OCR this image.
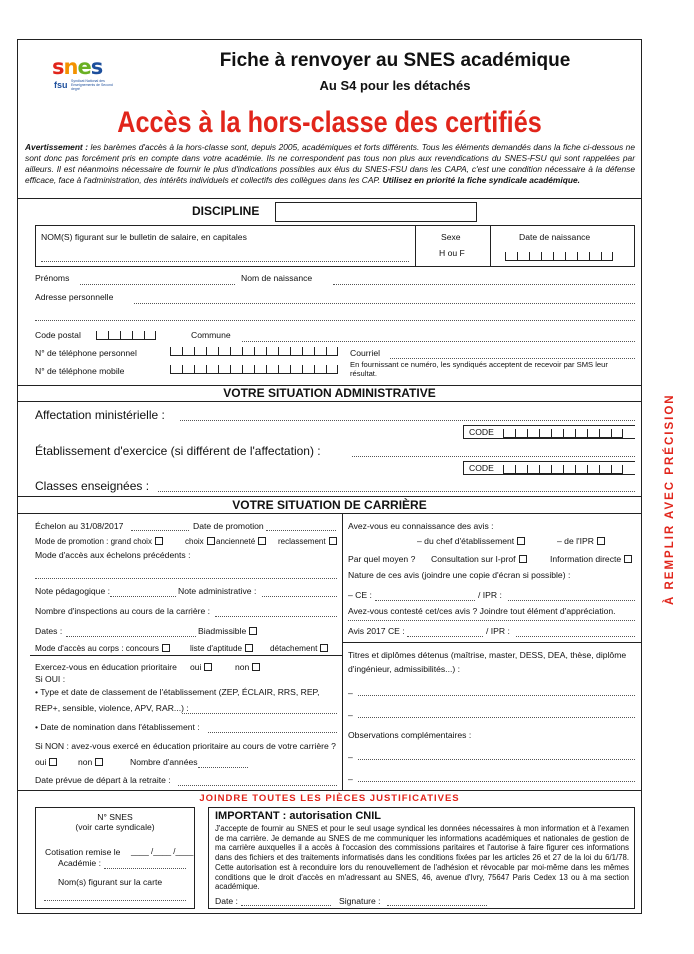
snes
fsu Syndicat National des Enseignements de Second degré
Fiche à renvoyer au SNES académique
Au S4 pour les détachés
Accès à la hors-classe des certifiés
Avertissement : les barèmes d'accès à la hors-classe sont, depuis 2005, académiques et forts différents. Tous les éléments demandés dans la fiche ci-dessous ne sont donc pas forcément pris en compte dans votre académie. Ils ne correspondent pas tous non plus aux revendications du SNES-FSU qui sont rappelées par ailleurs. Il est néanmoins nécessaire de fournir le plus d'indications possibles aux élus du SNES-FSU dans les CAPA, c'est une condition nécessaire à la défense efficace, face à l'administration, des intérêts individuels et collectifs des collègues dans les CAP. Utilisez en priorité la fiche syndicale académique.
À REMPLIR AVEC PRÉCISION
DISCIPLINE
NOM(S) figurant sur le bulletin de salaire, en capitales	Sexe
H ou F
Date de naissance
Prénoms	Nom de naissance
Adresse personnelle
Code postal	Commune
N° de téléphone personnel
N° de téléphone mobile
Courriel
En fournissant ce numéro, les syndiqués acceptent de recevoir par SMS leur résultat.
VOTRE SITUATION ADMINISTRATIVE
Affectation ministérielle :
CODE
Établissement d'exercice (si différent de l'affectation) :
CODE
Classes enseignées :
VOTRE SITUATION DE CARRIÈRE
Échelon au 31/08/2017	Date de promotion
Mode de promotion : grand choix	choix	ancienneté	reclassement
Mode d'accès aux échelons précédents :
Note pédagogique :	Note administrative :
Nombre d'inspections au cours de la carrière :
Dates :	Biadmissible
Mode d'accès au corps : concours	liste d'aptitude	détachement
Exercez-vous en éducation prioritaire oui	non
Si OUI :
• Type et date de classement de l'établissement (ZEP, ÉCLAIR, RRS, REP,
REP+, sensible, violence, APV, RAR...) :
• Date de nomination dans l'établissement :
Si NON : avez-vous exercé en éducation prioritaire au cours de votre carrière ?
oui	non	Nombre d'années
Date prévue de départ à la retraite :
Avez-vous eu connaissance des avis :
– du chef d'établissement	– de l'IPR
Par quel moyen ? Consultation sur I-prof	Information directe
Nature de ces avis (joindre une copie d'écran si possible) :
– CE :	/ IPR :
Avez-vous contesté cet/ces avis ? Joindre tout élément d'appréciation.
Avis 2017 CE :	/ IPR :
Titres et diplômes détenus (maîtrise, master, DESS, DEA, thèse, diplôme
d'ingénieur, admissibilités...) :
–
–
Observations complémentaires :
–
–
JOINDRE TOUTES LES PIÈCES JUSTIFICATIVES
N° SNES
(voir carte syndicale)
Cotisation remise le ____ /____ /____
Académie :
Nom(s) figurant sur la carte
IMPORTANT : autorisation CNIL
J'accepte de fournir au SNES et pour le seul usage syndical les données nécessaires à mon information et à l'examen de ma carrière. Je demande au SNES de me communiquer les informations académiques et nationales de gestion de ma carrière auxquelles il a accès à l'occasion des commissions paritaires et l'autorise à faire figurer ces informations dans des fichiers et des traitements informatisés dans les conditions fixées par les articles 26 et 27 de la loi du 6/1/78. Cette autorisation est à reconduire lors du renouvellement de l'adhésion et révocable par moi-même dans les mêmes conditions que le droit d'accès en m'adressant au SNES, 46, avenue d'Ivry, 75647 Paris Cedex 13 ou à ma section académique.
Date :	Signature :
